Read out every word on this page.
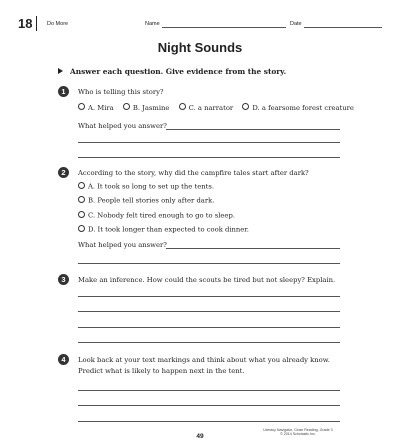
18	Do More	Name	Date
Night Sounds
Answer each question. Give evidence from the story.
1	Who is telling this story?
A. Mira	B. Jasmine	C. a narrator	D. a fearsome forest creature
What helped you answer?
2	According to the story, why did the campfire tales start after dark?
A. It took so long to set up the tents.
B. People tell stories only after dark.
C. Nobody felt tired enough to go to sleep.
D. It took longer than expected to cook dinner.
What helped you answer?
3	Make an inference. How could the scouts be tired but not sleepy? Explain.
4	Look back at your text markings and think about what you already know. Predict what is likely to happen next in the tent.
49
Literacy Navigator, Close Reading, Grade 3
© 2014 Scholastic Inc.
